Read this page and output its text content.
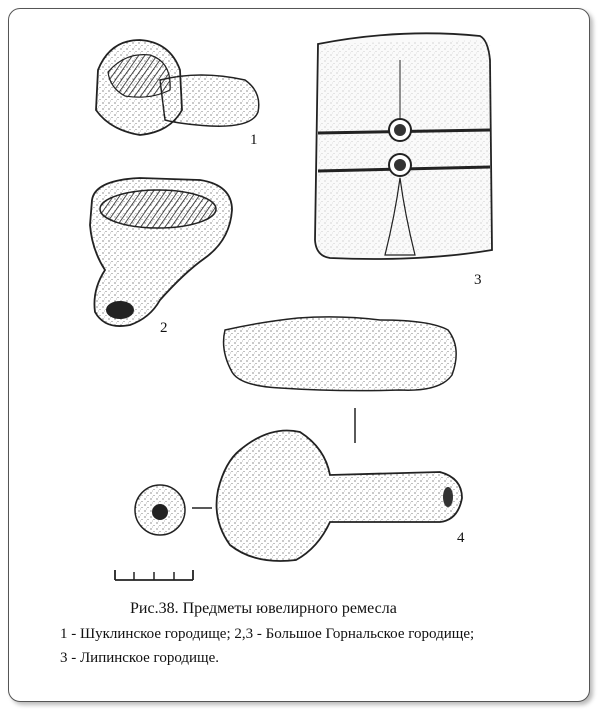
1
2
3
4
Рис.38. Предметы ювелирного ремесла
1 - Шуклинское городище; 2,3 - Большое Горнальское городище;
3 - Липинское городище.
